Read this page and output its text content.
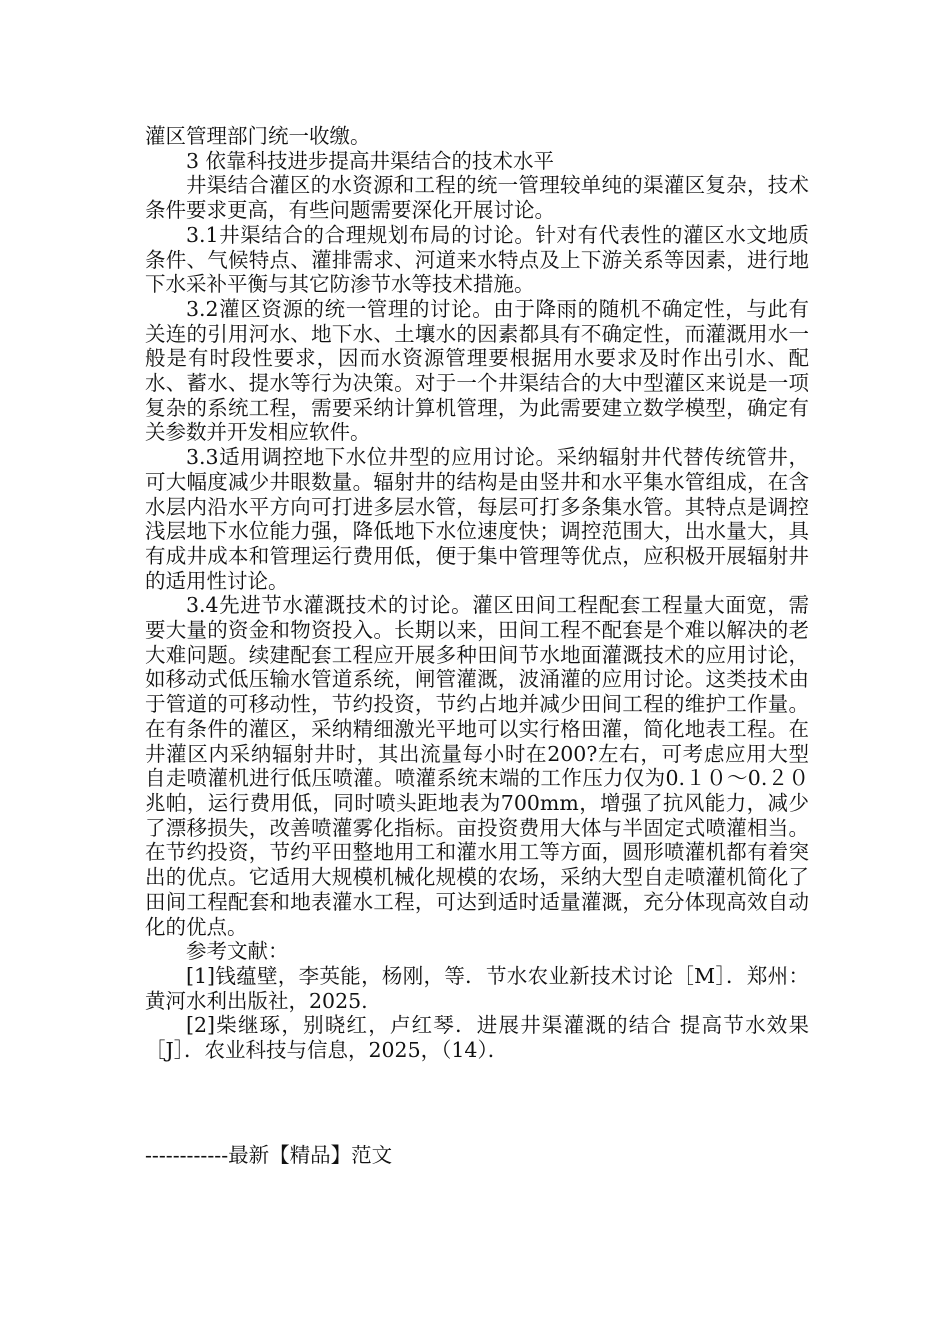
灌区管理部门统一收缴。

3 依靠科技进步提高井渠结合的技术水平

井渠结合灌区的水资源和工程的统一管理较单纯的渠灌区复杂，技术条件要求更高，有些问题需要深化开展讨论。

3.1井渠结合的合理规划布局的讨论。针对有代表性的灌区水文地质条件、气候特点、灌排需求、河道来水特点及上下游关系等因素，进行地下水采补平衡与其它防渗节水等技术措施。

3.2灌区资源的统一管理的讨论。由于降雨的随机不确定性，与此有关连的引用河水、地下水、土壤水的因素都具有不确定性，而灌溉用水一般是有时段性要求，因而水资源管理要根据用水要求及时作出引水、配水、蓄水、提水等行为决策。对于一个井渠结合的大中型灌区来说是一项复杂的系统工程，需要采纳计算机管理，为此需要建立数学模型，确定有关参数并开发相应软件。

3.3适用调控地下水位井型的应用讨论。采纳辐射井代替传统管井，可大幅度减少井眼数量。辐射井的结构是由竖井和水平集水管组成，在含水层内沿水平方向可打进多层水管，每层可打多条集水管。其特点是调控浅层地下水位能力强，降低地下水位速度快；调控范围大，出水量大，具有成井成本和管理运行费用低，便于集中管理等优点，应积极开展辐射井的适用性讨论。

3.4先进节水灌溉技术的讨论。灌区田间工程配套工程量大面宽，需要大量的资金和物资投入。长期以来，田间工程不配套是个难以解决的老大难问题。续建配套工程应开展多种田间节水地面灌溉技术的应用讨论，如移动式低压输水管道系统，闸管灌溉，波涌灌的应用讨论。这类技术由于管道的可移动性，节约投资，节约占地并减少田间工程的维护工作量。在有条件的灌区，采纳精细激光平地可以实行格田灌，简化地表工程。在井灌区内采纳辐射井时，其出流量每小时在200?左右，可考虑应用大型自走喷灌机进行低压喷灌。喷灌系统末端的工作压力仅为0.１０～0.２０兆帕，运行费用低，同时喷头距地表为700mm，增强了抗风能力，减少了漂移损失，改善喷灌雾化指标。亩投资费用大体与半固定式喷灌相当。在节约投资，节约平田整地用工和灌水用工等方面，圆形喷灌机都有着突出的优点。它适用大规模机械化规模的农场，采纳大型自走喷灌机简化了田间工程配套和地表灌水工程，可达到适时适量灌溉，充分体现高效自动化的优点。

参考文献：

[1]钱蕴壁，李英能，杨刚，等．节水农业新技术讨论［M］．郑州：黄河水利出版社，2025.

[2]柴继琢，别晓红，卢红琴．进展井渠灌溉的结合 提高节水效果［J］．农业科技与信息，2025，（14）．

------------最新【精品】范文
